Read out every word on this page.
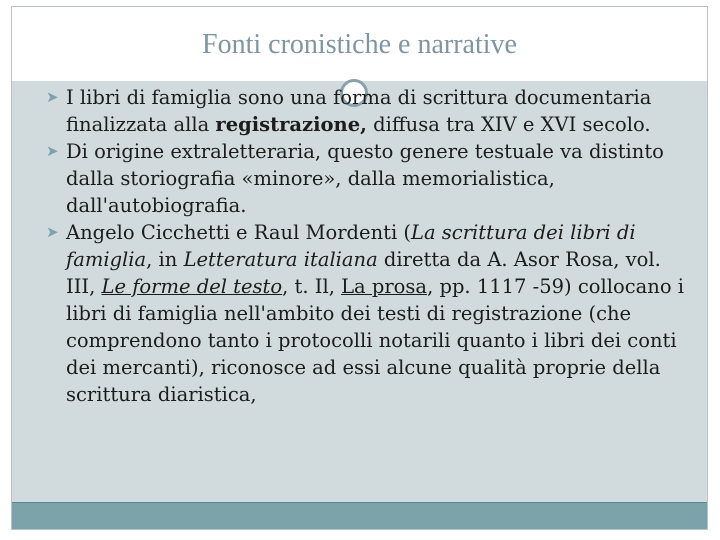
Fonti cronistiche e narrative
➤ I libri di famiglia sono una forma di scrittura documentaria finalizzata alla registrazione, diffusa tra XIV e XVI secolo.
➤ Di origine extraletteraria, questo genere testuale va distinto dalla storiografia «minore», dalla memorialistica, dall'autobiografia.
➤ Angelo Cicchetti e Raul Mordenti (La scrittura dei libri di famiglia, in Letteratura italiana diretta da A. Asor Rosa, vol. III, Le forme del testo, t. Il, La prosa, pp. 1117 -59) collocano i libri di famiglia nell'ambito dei testi di registrazione (che comprendono tanto i protocolli notarili quanto i libri dei conti dei mercanti), riconosce ad essi alcune qualità proprie della scrittura diaristica,
